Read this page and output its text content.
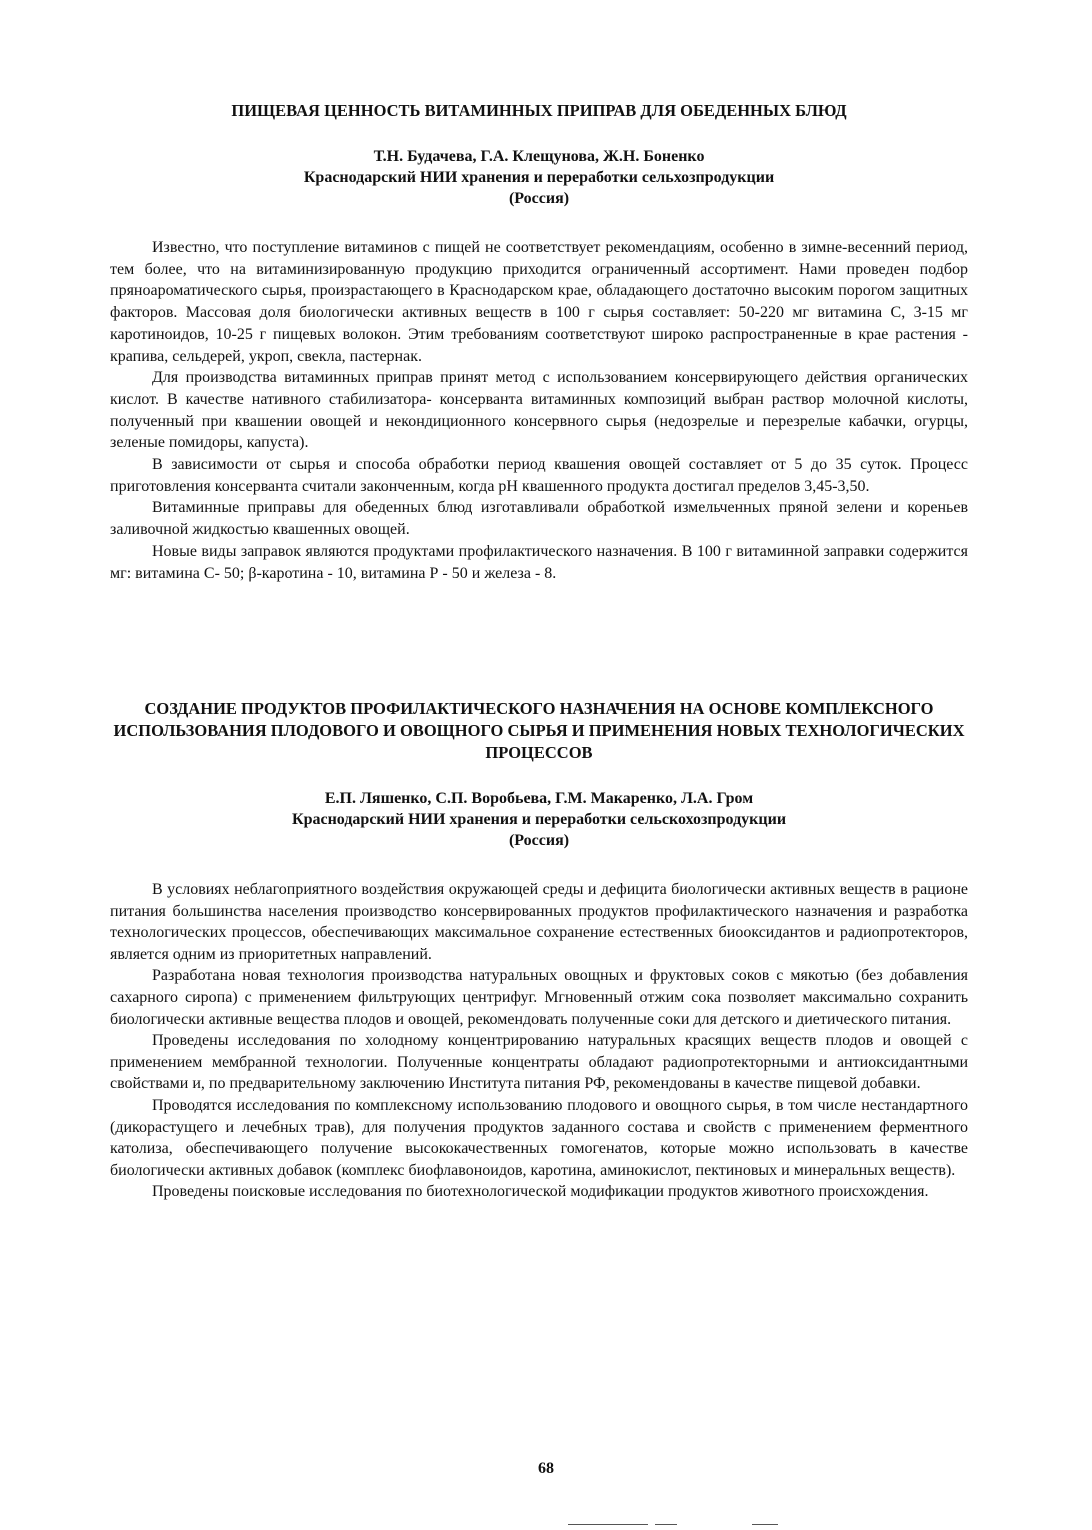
ПИЩЕВАЯ ЦЕННОСТЬ ВИТАМИННЫХ ПРИПРАВ ДЛЯ ОБЕДЕННЫХ БЛЮД

Т.Н. Будачева, Г.А. Клещунова, Ж.Н. Боненко

Краснодарский НИИ хранения и переработки сельхозпродукции

(Россия)

Известно, что поступление витаминов с пищей не соответствует рекомендациям, особенно в зимне-весенний период, тем более, что на витаминизированную продукцию приходится ограниченный ассортимент. Нами проведен подбор пряноароматического сырья, произрастающего в Краснодарском крае, обладающего достаточно высоким порогом защитных факторов. Массовая доля биологически активных веществ в 100 г сырья составляет: 50-220 мг витамина С, 3-15 мг каротиноидов, 10-25 г пищевых волокон. Этим требованиям соответствуют широко распространенные в крае растения - крапива, сельдерей, укроп, свекла, пастернак.

Для производства витаминных приправ принят метод с использованием консервирующего действия органических кислот. В качестве нативного стабилизатора- консерванта витаминных композиций выбран раствор молочной кислоты, полученный при квашении овощей и некондиционного консервного сырья (недозрелые и перезрелые кабачки, огурцы, зеленые помидоры, капуста).

В зависимости от сырья и способа обработки период квашения овощей составляет от 5 до 35 суток. Процесс приготовления консерванта считали законченным, когда рН квашенного продукта достигал пределов 3,45-3,50.

Витаминные приправы для обеденных блюд изготавливали обработкой измельченных пряной зелени и кореньев заливочной жидкостью квашенных овощей.

Новые виды заправок являются продуктами профилактического назначения. В 100 г витаминной заправки содержится мг: витамина С- 50; β-каротина - 10, витамина Р - 50 и железа - 8.

СОЗДАНИЕ ПРОДУКТОВ ПРОФИЛАКТИЧЕСКОГО НАЗНАЧЕНИЯ НА ОСНОВЕ КОМПЛЕКСНОГО ИСПОЛЬЗОВАНИЯ ПЛОДОВОГО И ОВОЩНОГО СЫРЬЯ И ПРИМЕНЕНИЯ НОВЫХ ТЕХНОЛОГИЧЕСКИХ ПРОЦЕССОВ

Е.П. Ляшенко, С.П. Воробьева, Г.М. Макаренко, Л.А. Гром

Краснодарский НИИ хранения и переработки сельскохозпродукции

(Россия)

В условиях неблагоприятного воздействия окружающей среды и дефицита биологически активных веществ в рационе питания большинства населения производство консервированных продуктов профилактического назначения и разработка технологических процессов, обеспечивающих максимальное сохранение естественных биооксидантов и радиопротекторов, является одним из приоритетных направлений.

Разработана новая технология производства натуральных овощных и фруктовых соков с мякотью (без добавления сахарного сиропа) с применением фильтрующих центрифуг. Мгновенный отжим сока позволяет максимально сохранить биологически активные вещества плодов и овощей, рекомендовать полученные соки для детского и диетического питания.

Проведены исследования по холодному концентрированию натуральных красящих веществ плодов и овощей с применением мембранной технологии. Полученные концентраты обладают радиопротекторными и антиоксидантными свойствами и, по предварительному заключению Института питания РФ, рекомендованы в качестве пищевой добавки.

Проводятся исследования по комплексному использованию плодового и овощного сырья, в том числе нестандартного (дикорастущего и лечебных трав), для получения продуктов заданного состава и свойств с применением ферментного католиза, обеспечивающего получение высококачественных гомогенатов, которые можно использовать в качестве биологически активных добавок (комплекс биофлавоноидов, каротина, аминокислот, пектиновых и минеральных веществ).

Проведены поисковые исследования по биотехнологической модификации продуктов животного происхождения.

68
